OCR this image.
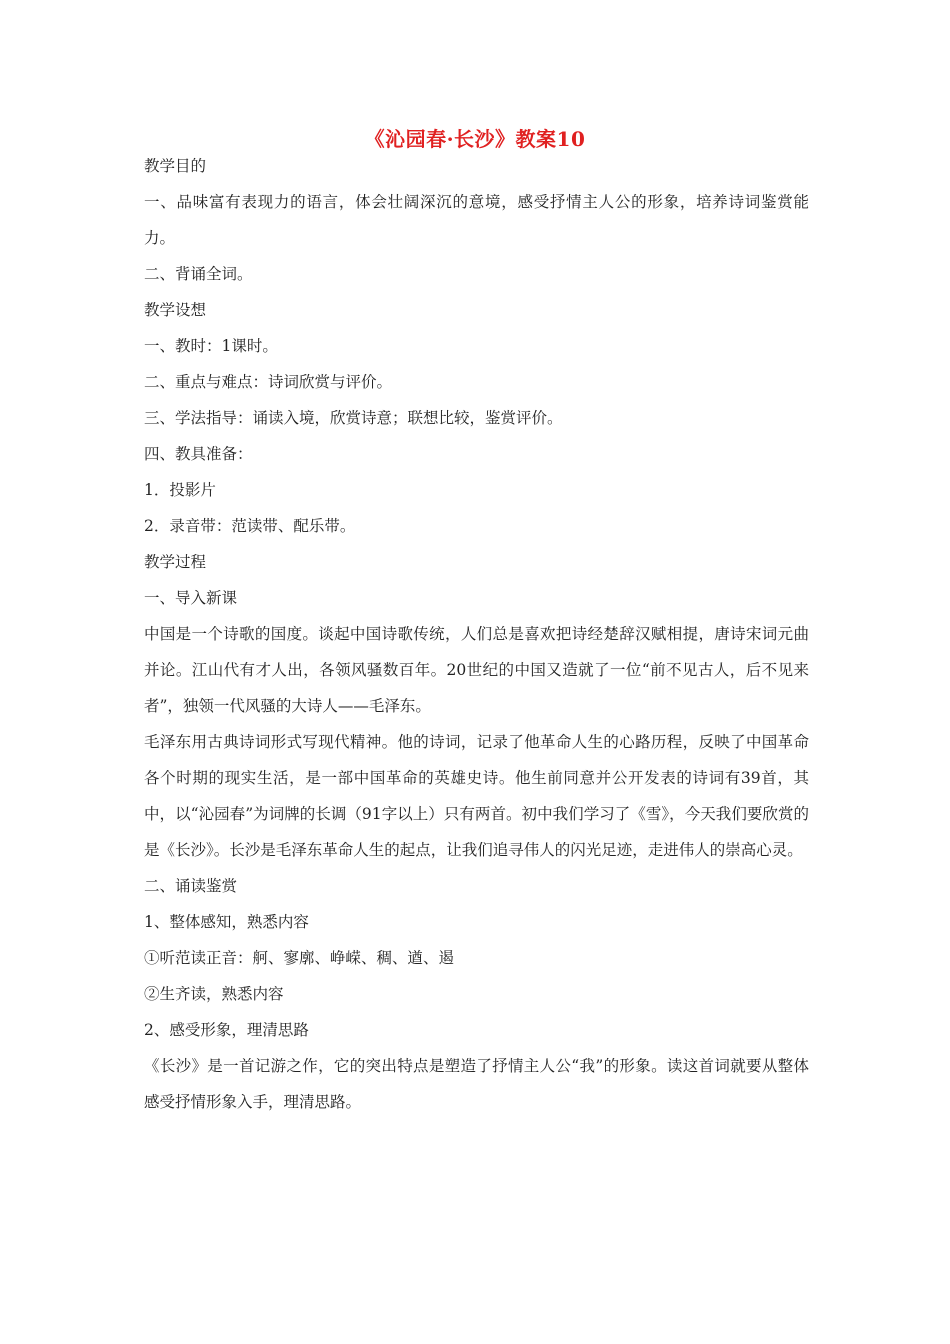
《沁园春·长沙》教案10

教学目的

一、品味富有表现力的语言，体会壮阔深沉的意境，感受抒情主人公的形象，培养诗词鉴赏能力。

二、背诵全词。

教学设想

一、教时：1课时。

二、重点与难点：诗词欣赏与评价。

三、学法指导：诵读入境，欣赏诗意；联想比较，鉴赏评价。

四、教具准备：

1．投影片

2．录音带：范读带、配乐带。

教学过程

一、导入新课

中国是一个诗歌的国度。谈起中国诗歌传统，人们总是喜欢把诗经楚辞汉赋相提，唐诗宋词元曲并论。江山代有才人出，各领风骚数百年。20世纪的中国又造就了一位“前不见古人，后不见来者”，独领一代风骚的大诗人——毛泽东。

毛泽东用古典诗词形式写现代精神。他的诗词，记录了他革命人生的心路历程，反映了中国革命各个时期的现实生活，是一部中国革命的英雄史诗。他生前同意并公开发表的诗词有39首，其中，以“沁园春”为词牌的长调（91字以上）只有两首。初中我们学习了《雪》，今天我们要欣赏的是《长沙》。长沙是毛泽东革命人生的起点，让我们追寻伟人的闪光足迹，走进伟人的崇高心灵。

二、诵读鉴赏

1、整体感知，熟悉内容

①听范读正音：舸、寥廓、峥嵘、稠、遒、遏

②生齐读，熟悉内容

2、感受形象，理清思路

《长沙》是一首记游之作，它的突出特点是塑造了抒情主人公“我”的形象。读这首词就要从整体感受抒情形象入手，理清思路。
